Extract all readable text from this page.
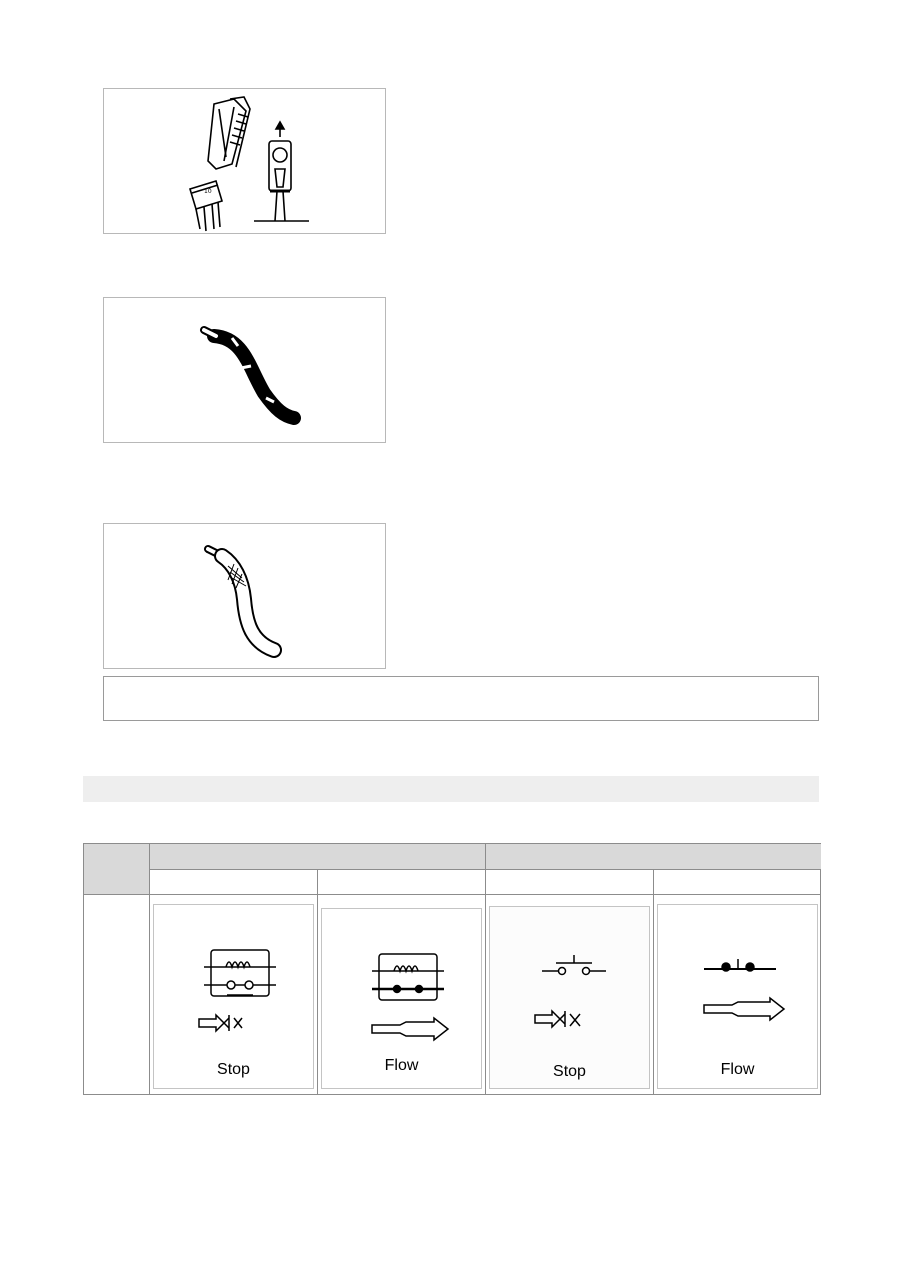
10
Stop	Flow	Stop	Flow
